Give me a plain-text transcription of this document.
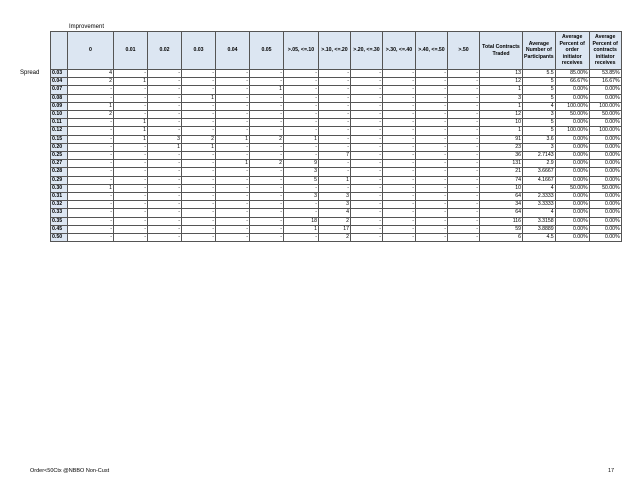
Improvement
Spread
	0	0.01	0.02	0.03	0.04	0.05	>.05, <=.10	>.10, <=.20	>.20, <=.30	>.30, <=.40	>.40, <=.50	>.50	Total Contracts Traded	Average Number of Participants	Average Percent of order initiator receives	Average Percent of contracts initiator receives
0.03	4	-	-	-	-	-	-	-	-	-	-	-	13	5.5	85.00%	53.85%
0.04	2	1	-	-	-	-	-	-	-	-	-	-	12	5	66.67%	16.67%
0.07	-	-	-	-	-	1	-	-	-	-	-	-	1	5	0.00%	0.00%
0.08	-	-	-	1	-	-	-	-	-	-	-	-	3	5	0.00%	0.00%
0.09	1	-	-	-	-	-	-	-	-	-	-	-	1	4	100.00%	100.00%
0.10	2	-	-	-	-	-	-	-	-	-	-	-	12	3	50.00%	50.00%
0.11	-	1	-	-	-	-	-	-	-	-	-	-	10	5	0.00%	0.00%
0.12	-	1	-	-	-	-	-	-	-	-	-	-	1	5	100.00%	100.00%
0.15	-	1	3	2	1	2	1	-	-	-	-	-	91	3.6	0.00%	0.00%
0.20	-	-	1	1	-	-	-	-	-	-	-	-	23	3	0.00%	0.00%
0.25	-	-	-	-	-	-	-	7	-	-	-	-	36	2.7143	0.00%	0.00%
0.27	-	-	-	-	1	2	9	-	-	-	-	-	131	2.9	0.00%	0.00%
0.28	-	-	-	-	-	-	3	-	-	-	-	-	21	3.6667	0.00%	0.00%
0.29	-	-	-	-	-	-	5	1	-	-	-	-	74	4.1667	0.00%	0.00%
0.30	1	-	-	-	-	-	-	-	-	-	-	-	10	4	50.00%	50.00%
0.31	-	-	-	-	-	-	3	3	-	-	-	-	64	2.3333	0.00%	0.00%
0.32	-	-	-	-	-	-	-	3	-	-	-	-	34	3.3333	0.00%	0.00%
0.33	-	-	-	-	-	-	-	4	-	-	-	-	64	4	0.00%	0.00%
0.35	-	-	-	-	-	-	18	2	-	-	-	-	116	3.3158	0.00%	0.00%
0.45	-	-	-	-	-	-	1	17	-	-	-	-	59	3.8889	0.00%	0.00%
0.50	-	-	-	-	-	-	-	2	-	-	-	-	6	4.5	0.00%	0.00%
Order<50Ctx @NBBO Non-Cust	17
